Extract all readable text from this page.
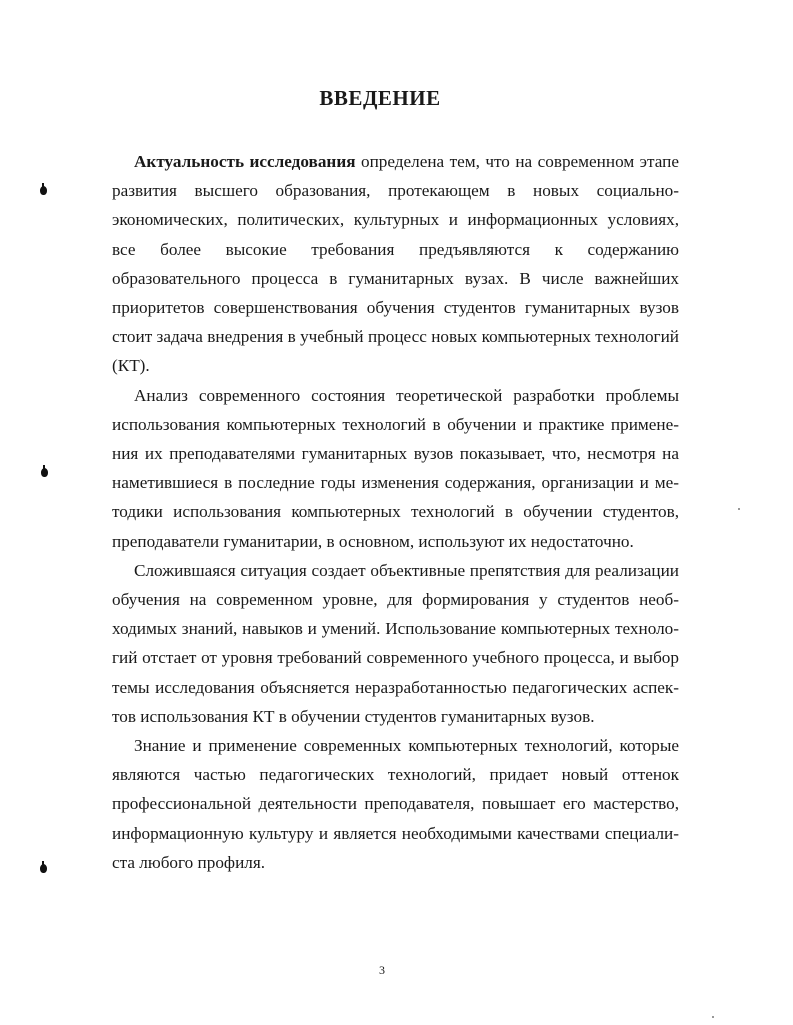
ВВЕДЕНИЕ

Актуальность исследования определена тем, что на современном этапе развития высшего образования, протекающем в новых социально-экономических, политических, культурных и информационных условиях, все более высокие требования предъявляются к содержанию образовательного процесса в гуманитарных вузах. В числе важнейших приоритетов совершенствования обучения студентов гуманитарных вузов стоит задача внедрения в учебный процесс новых компьютерных технологий (КТ).

Анализ современного состояния теоретической разработки проблемы использования компьютерных технологий в обучении и практике применения их преподавателями гуманитарных вузов показывает, что, несмотря на наметившиеся в последние годы изменения содержания, организации и методики использования компьютерных технологий в обучении студентов, преподаватели гуманитарии, в основном, используют их недостаточно.

Сложившаяся ситуация создает объективные препятствия для реализации обучения на современном уровне, для формирования у студентов необходимых знаний, навыков и умений. Использование компьютерных технологий отстает от уровня требований современного учебного процесса, и выбор темы исследования объясняется неразработанностью педагогических аспектов использования КТ в обучении студентов гуманитарных вузов.

Знание и применение современных компьютерных технологий, которые являются частью педагогических технологий, придает новый оттенок профессиональной деятельности преподавателя, повышает его мастерство, информационную культуру и является необходимыми качествами специалиста любого профиля.

3
